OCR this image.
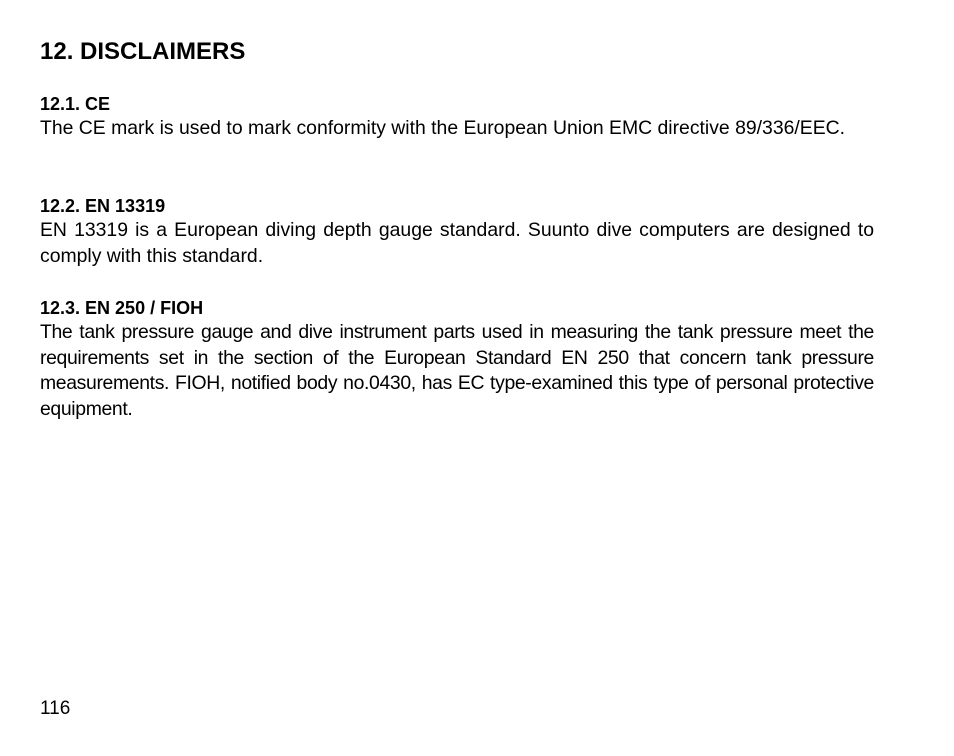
12. DISCLAIMERS
12.1. CE

The CE mark is used to mark conformity with the European Union EMC directive 89/336/EEC.

12.2. EN 13319

EN 13319 is a European diving depth gauge standard. Suunto dive computers are designed to comply with this standard.

12.3. EN 250 / FIOH

The tank pressure gauge and dive instrument parts used in measuring the tank pressure meet the requirements set in the section of the European Standard EN 250 that concern tank pressure measurements. FIOH, notified body no.0430, has EC type-examined this type of personal protective equipment.

116
